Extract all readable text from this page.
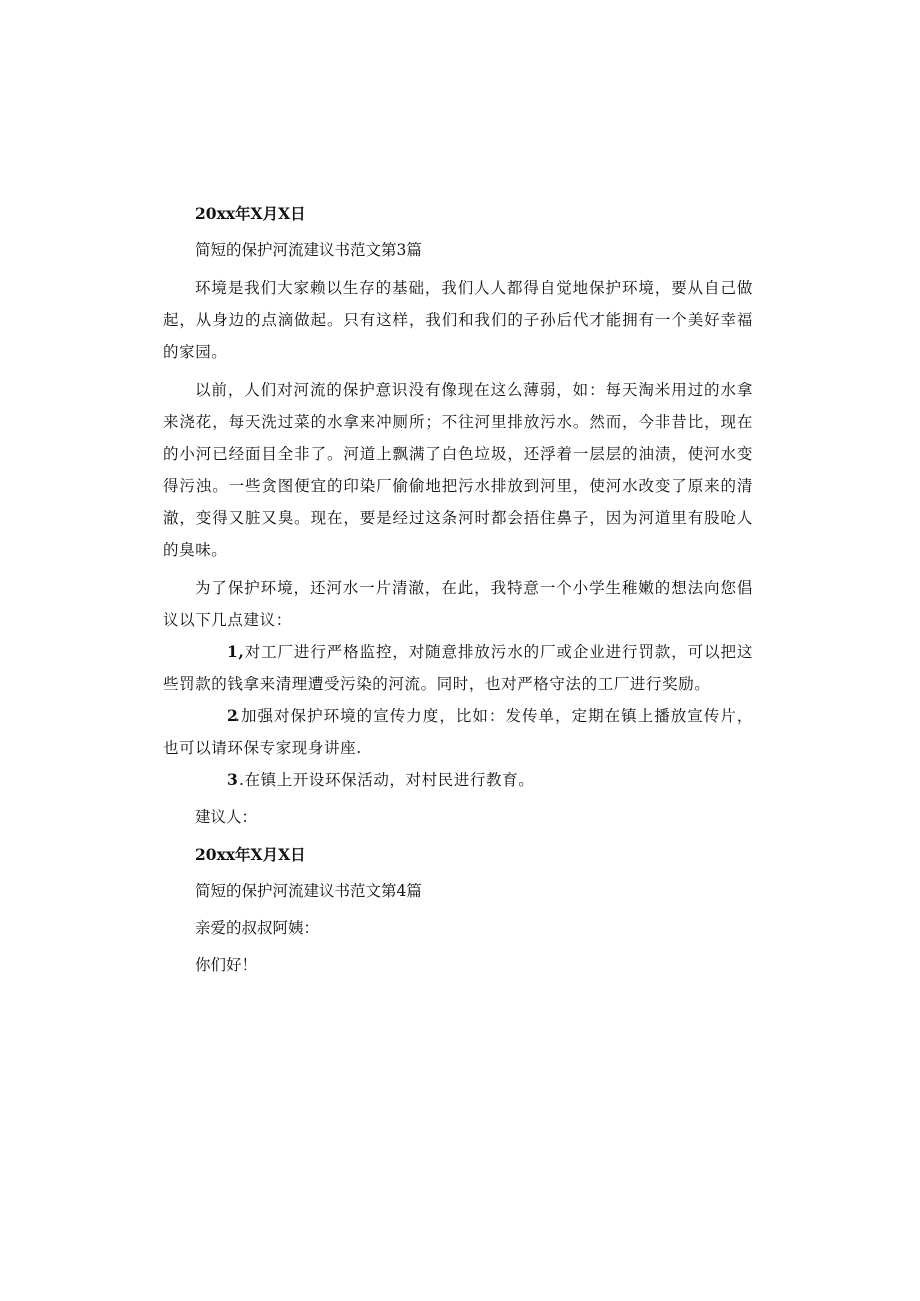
20xx年X月X日

简短的保护河流建议书范文第3篇

环境是我们大家赖以生存的基础，我们人人都得自觉地保护环境，要从自己做起，从身边的点滴做起。只有这样，我们和我们的子孙后代才能拥有一个美好幸福的家园。

以前，人们对河流的保护意识没有像现在这么薄弱，如：每天淘米用过的水拿来浇花，每天洗过菜的水拿来冲厕所；不往河里排放污水。然而，今非昔比，现在的小河已经面目全非了。河道上飘满了白色垃圾，还浮着一层层的油渍，使河水变得污浊。一些贪图便宜的印染厂偷偷地把污水排放到河里，使河水改变了原来的清澈，变得又脏又臭。现在，要是经过这条河时都会捂住鼻子，因为河道里有股呛人的臭味。

为了保护环境，还河水一片清澈，在此，我特意一个小学生稚嫩的想法向您倡议以下几点建议：

1,对工厂进行严格监控，对随意排放污水的厂或企业进行罚款，可以把这些罚款的钱拿来清理遭受污染的河流。同时，也对严格守法的工厂进行奖励。

2.加强对保护环境的宣传力度，比如：发传单，定期在镇上播放宣传片，也可以请环保专家现身讲座.

3.在镇上开设环保活动，对村民进行教育。

建议人：

20xx年X月X日

简短的保护河流建议书范文第4篇

亲爱的叔叔阿姨：

你们好！
